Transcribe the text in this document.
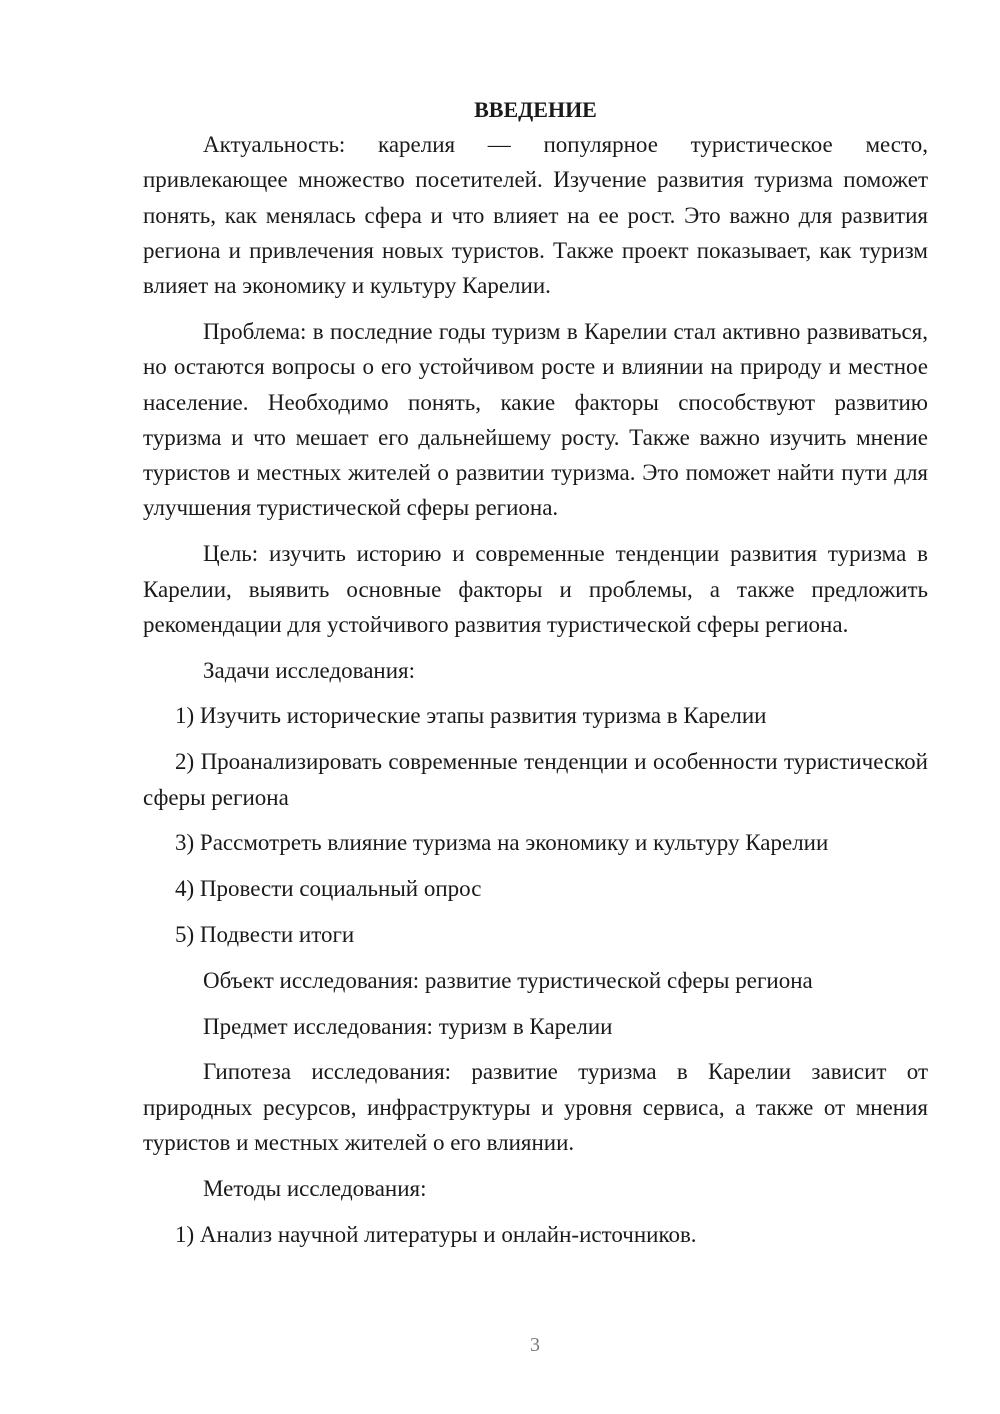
ВВЕДЕНИЕ

Актуальность: карелия — популярное туристическое место, привлекающее множество посетителей. Изучение развития туризма поможет понять, как менялась сфера и что влияет на ее рост. Это важно для развития региона и привлечения новых туристов. Также проект показывает, как туризм влияет на экономику и культуру Карелии.

Проблема: в последние годы туризм в Карелии стал активно развиваться, но остаются вопросы о его устойчивом росте и влиянии на природу и местное население. Необходимо понять, какие факторы способствуют развитию туризма и что мешает его дальнейшему росту. Также важно изучить мнение туристов и местных жителей о развитии туризма. Это поможет найти пути для улучшения туристической сферы региона.

Цель: изучить историю и современные тенденции развития туризма в Карелии, выявить основные факторы и проблемы, а также предложить рекомендации для устойчивого развития туристической сферы региона.

Задачи исследования:

1) Изучить исторические этапы развития туризма в Карелии

2) Проанализировать современные тенденции и особенности туристической сферы региона

3) Рассмотреть влияние туризма на экономику и культуру Карелии

4) Провести социальный опрос

5) Подвести итоги

Объект исследования: развитие туристической сферы региона

Предмет исследования: туризм в Карелии

Гипотеза исследования: развитие туризма в Карелии зависит от природных ресурсов, инфраструктуры и уровня сервиса, а также от мнения туристов и местных жителей о его влиянии.

Методы исследования:

1) Анализ научной литературы и онлайн-источников.

3
